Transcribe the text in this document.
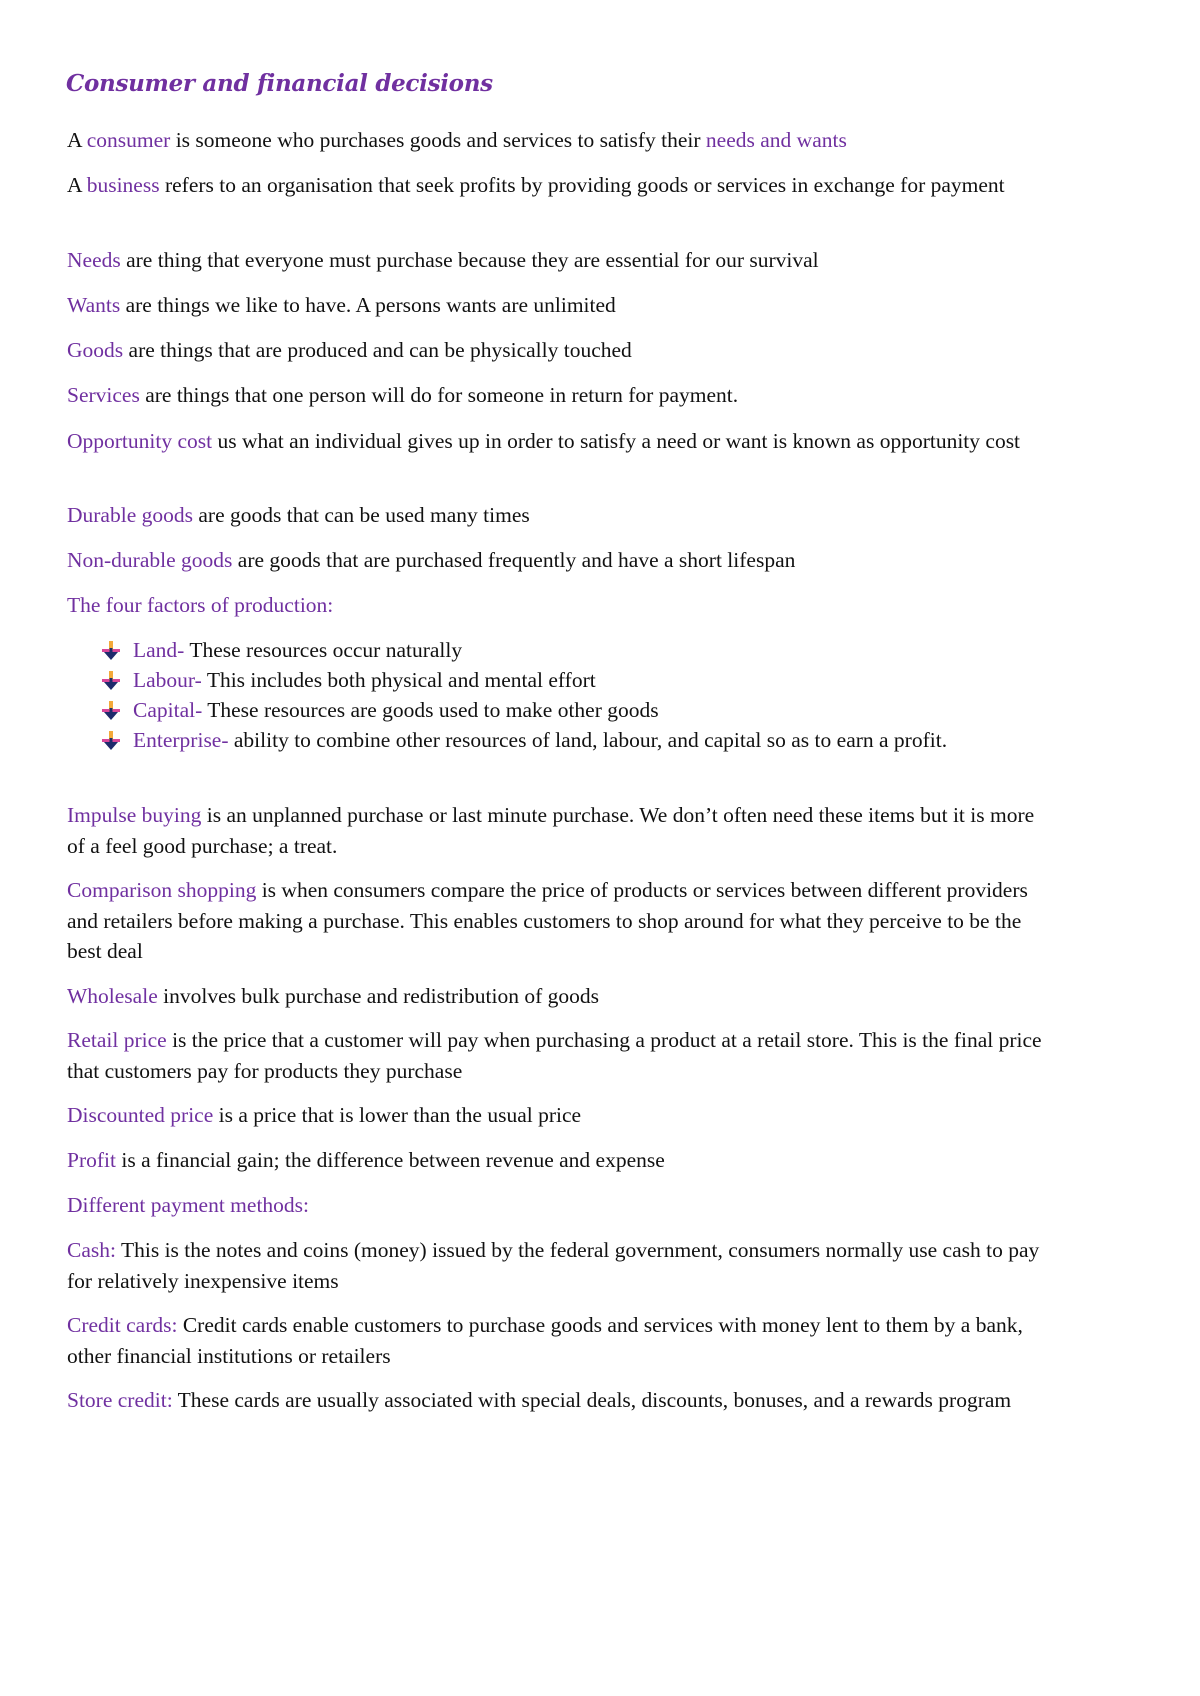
Consumer and financial decisions

A consumer is someone who purchases goods and services to satisfy their needs and wants

A business refers to an organisation that seek profits by providing goods or services in exchange for payment

Needs are thing that everyone must purchase because they are essential for our survival

Wants are things we like to have. A persons wants are unlimited

Goods are things that are produced and can be physically touched

Services are things that one person will do for someone in return for payment.

Opportunity cost us what an individual gives up in order to satisfy a need or want is known as opportunity cost

Durable goods are goods that can be used many times

Non-durable goods are goods that are purchased frequently and have a short lifespan

The four factors of production:

Land- These resources occur naturally
Labour- This includes both physical and mental effort
Capital- These resources are goods used to make other goods
Enterprise- ability to combine other resources of land, labour, and capital so as to earn a profit.

Impulse buying is an unplanned purchase or last minute purchase. We don’t often need these items but it is more of a feel good purchase; a treat.

Comparison shopping is when consumers compare the price of products or services between different providers and retailers before making a purchase. This enables customers to shop around for what they perceive to be the best deal

Wholesale involves bulk purchase and redistribution of goods

Retail price is the price that a customer will pay when purchasing a product at a retail store. This is the final price that customers pay for products they purchase

Discounted price is a price that is lower than the usual price

Profit is a financial gain; the difference between revenue and expense

Different payment methods:

Cash: This is the notes and coins (money) issued by the federal government, consumers normally use cash to pay for relatively inexpensive items

Credit cards: Credit cards enable customers to purchase goods and services with money lent to them by a bank, other financial institutions or retailers

Store credit: These cards are usually associated with special deals, discounts, bonuses, and a rewards program
